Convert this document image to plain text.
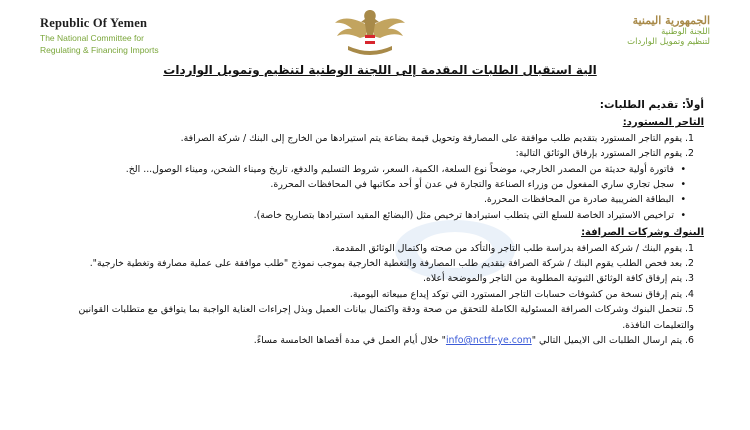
Republic Of Yemen
The National Committee for
Regulating & Financing Imports
الجمهورية اليمنية
اللجنة الوطنية
لتنظيم وتمويل الواردات
الية استقبال الطلبات المقدمة إلى اللجنة الوطنية لتنظيم وتمويل الواردات
أولاً: تقديم الطلبات:
التاجر المستورد:

1. يقوم التاجر المستورد بتقديم طلب موافقة على المصارفة وتحويل قيمة بضاعة يتم استيرادها من الخارج إلى البنك / شركة الصرافة.

2. يقوم التاجر المستورد بإرفاق الوثائق التالية:

• فاتورة أولية حديثة من المصدر الخارجي، موضحاً نوع السلعة، الكمية، السعر، شروط التسليم والدفع، تاريخ وميناء الشحن، وميناء الوصول... الخ.

• سجل تجاري ساري المفعول من وزراء الصناعة والتجارة في عدن أو أحد مكاتبها في المحافظات المحررة.

• البطاقة الضريبية صادرة من المحافظات المحررة.

• تراخيص الاستيراد الخاصة للسلع التي يتطلب استيرادها ترخيص مثل (البضائع المقيد استيرادها بتصاريح خاصة).

البنوك وشركات الصرافة:

1. يقوم البنك / شركة الصرافة بدراسة طلب التاجر والتأكد من صحته واكتمال الوثائق المقدمة.

2. بعد فحص الطلب يقوم البنك / شركة الصرافة بتقديم طلب المصارفة والتغطية الخارجية بموجب نموذج "طلب موافقة على عملية مصارفة وتغطية خارجية".

3. يتم إرفاق كافة الوثائق الثبوتية المطلوبة من التاجر والموضحة أعلاه.

4. يتم إرفاق نسخة من كشوفات حسابات التاجر المستورد التي توكد إيداع مبيعاته اليومية.

5. تتحمل البنوك وشركات الصرافة المسئولية الكاملة للتحقق من صحة ودقة واكتمال بيانات العميل وبذل إجراءات العناية الواجبة بما يتوافق مع متطلبات القوانين والتعليمات النافذة.

6. يتم ارسال الطلبات الى الايميل التالي "info@nctfr-ye.com" خلال أيام العمل في مدة أقصاها الخامسة مساءً.
